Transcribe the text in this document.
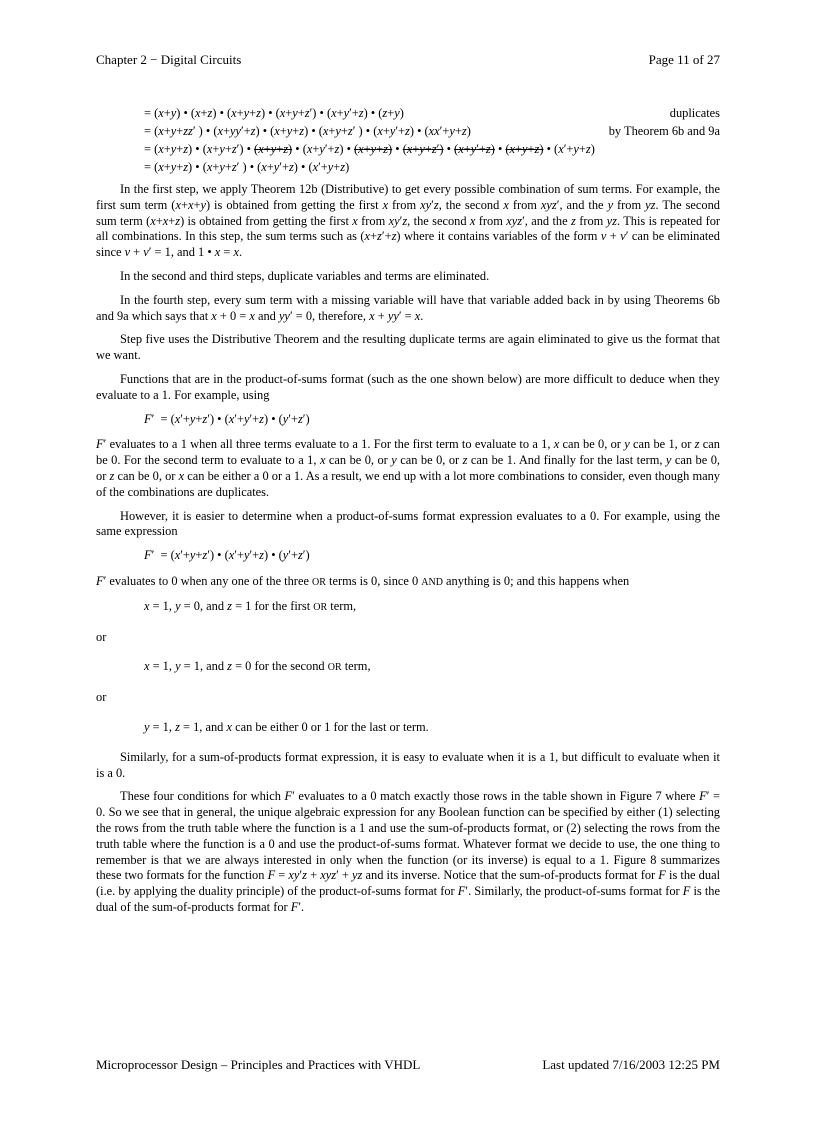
Chapter 2 − Digital Circuits	Page 11 of 27
= (x+y) • (x+z) • (x+y+z) • (x+y+z′) • (x+y′+z) • (z+y)	duplicates
= (x+y+zz′ ) • (x+yy′+z) • (x+y+z) • (x+y+z′ ) • (x+y′+z) • (xx′+y+z)	by Theorem 6b and 9a
= (x+y+z) • (x+y+z′) • (x+y+z) • (x+y′+z) • (x+y+z) • (x+y+z′) • (x+y′+z) • (x+y+z) • (x′+y+z)
= (x+y+z) • (x+y+z′ ) • (x+y′+z) • (x′+y+z)

In the first step, we apply Theorem 12b (Distributive) to get every possible combination of sum terms. For example, the first sum term (x+x+y) is obtained from getting the first x from xy′z, the second x from xyz′, and the y from yz. The second sum term (x+x+z) is obtained from getting the first x from xy′z, the second x from xyz′, and the z from yz. This is repeated for all combinations. In this step, the sum terms such as (x+z′+z) where it contains variables of the form v + v′ can be eliminated since v + v′ = 1, and 1 • x = x.

In the second and third steps, duplicate variables and terms are eliminated.

In the fourth step, every sum term with a missing variable will have that variable added back in by using Theorems 6b and 9a which says that x + 0 = x and yy′ = 0, therefore, x + yy′ = x.

Step five uses the Distributive Theorem and the resulting duplicate terms are again eliminated to give us the format that we want.

Functions that are in the product-of-sums format (such as the one shown below) are more difficult to deduce when they evaluate to a 1. For example, using

F′  = (x′+y+z′) • (x′+y′+z) • (y′+z′)

F′ evaluates to a 1 when all three terms evaluate to a 1. For the first term to evaluate to a 1, x can be 0, or y can be 1, or z can be 0. For the second term to evaluate to a 1, x can be 0, or y can be 0, or z can be 1. And finally for the last term, y can be 0, or z can be 0, or x can be either a 0 or a 1. As a result, we end up with a lot more combinations to consider, even though many of the combinations are duplicates.

However, it is easier to determine when a product-of-sums format expression evaluates to a 0. For example, using the same expression

F′  = (x′+y+z′) • (x′+y′+z) • (y′+z′)

F′ evaluates to 0 when any one of the three OR terms is 0, since 0 AND anything is 0; and this happens when

x = 1, y = 0, and z = 1 for the first OR term,
or
x = 1, y = 1, and z = 0 for the second OR term,
or
y = 1, z = 1, and x can be either 0 or 1 for the last or term.

Similarly, for a sum-of-products format expression, it is easy to evaluate when it is a 1, but difficult to evaluate when it is a 0.

These four conditions for which F′ evaluates to a 0 match exactly those rows in the table shown in Figure 7 where F′ = 0. So we see that in general, the unique algebraic expression for any Boolean function can be specified by either (1) selecting the rows from the truth table where the function is a 1 and use the sum-of-products format, or (2) selecting the rows from the truth table where the function is a 0 and use the product-of-sums format. Whatever format we decide to use, the one thing to remember is that we are always interested in only when the function (or its inverse) is equal to a 1. Figure 8 summarizes these two formats for the function F = xy′z + xyz′ + yz and its inverse. Notice that the sum-of-products format for F is the dual (i.e. by applying the duality principle) of the product-of-sums format for F′. Similarly, the product-of-sums format for F is the dual of the sum-of-products format for F′.

Microprocessor Design – Principles and Practices with VHDL	Last updated 7/16/2003 12:25 PM
